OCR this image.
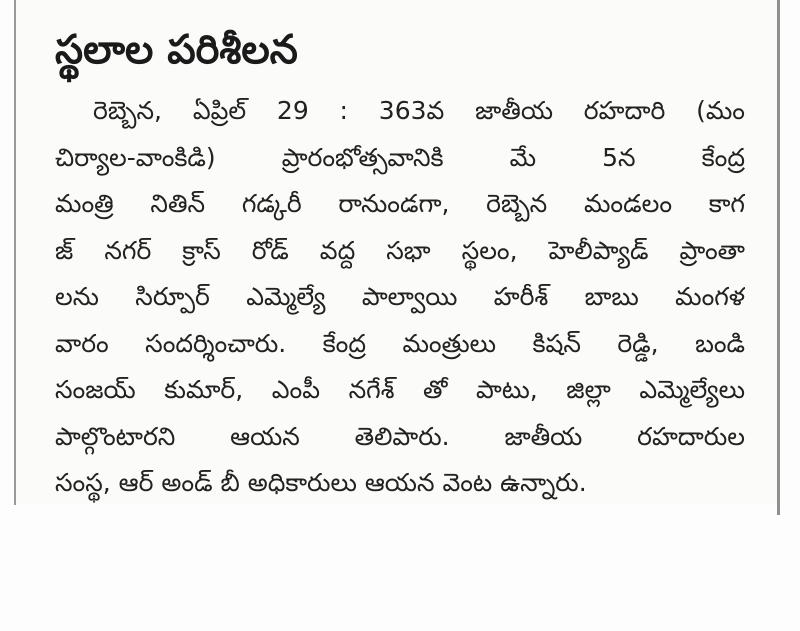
స్థలాల పరిశీలన
రెబ్బెన, ఏప్రిల్ 29 : 363వ జాతీయ రహదారి (మం
చిర్యాల-వాంకిడి) ప్రారంభోత్సవానికి మే 5న కేంద్ర
మంత్రి నితిన్ గడ్కరీ రానుండగా, రెబ్బెన మండలం కాగ
జ్ నగర్ క్రాస్ రోడ్ వద్ద సభా స్థలం, హెలీప్యాడ్ ప్రాంతా
లను సిర్పూర్ ఎమ్మెల్యే పాల్వాయి హరీశ్ బాబు మంగళ
వారం సందర్శించారు. కేంద్ర మంత్రులు కిషన్ రెడ్డి, బండి
సంజయ్ కుమార్, ఎంపీ నగేశ్ తో పాటు, జిల్లా ఎమ్మెల్యేలు
పాల్గొంటారని ఆయన తెలిపారు. జాతీయ రహదారుల
సంస్థ, ఆర్ అండ్ బీ అధికారులు ఆయన వెంట ఉన్నారు.
